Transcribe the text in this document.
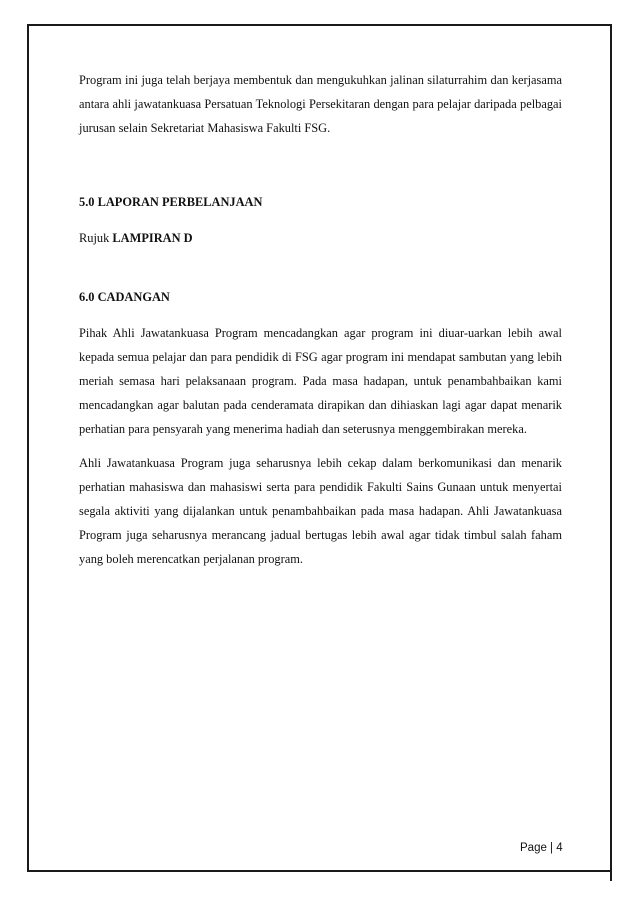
Program ini juga telah berjaya membentuk dan mengukuhkan jalinan silaturrahim dan kerjasama antara ahli jawatankuasa Persatuan Teknologi Persekitaran dengan para pelajar daripada pelbagai jurusan selain Sekretariat Mahasiswa Fakulti FSG.

5.0 LAPORAN PERBELANJAAN

Rujuk LAMPIRAN D

6.0 CADANGAN

Pihak Ahli Jawatankuasa Program mencadangkan agar program ini diuar-uarkan lebih awal kepada semua pelajar dan para pendidik di FSG agar program ini mendapat sambutan yang lebih meriah semasa hari pelaksanaan program. Pada masa hadapan, untuk penambahbaikan kami mencadangkan agar balutan pada cenderamata dirapikan dan dihiaskan lagi agar dapat menarik perhatian para pensyarah yang menerima hadiah dan seterusnya menggembirakan mereka.

Ahli Jawatankuasa Program juga seharusnya lebih cekap dalam berkomunikasi dan menarik perhatian mahasiswa dan mahasiswi serta para pendidik Fakulti Sains Gunaan untuk menyertai segala aktiviti yang dijalankan untuk penambahbaikan pada masa hadapan. Ahli Jawatankuasa Program juga seharusnya merancang jadual bertugas lebih awal agar tidak timbul salah faham yang boleh merencatkan perjalanan program.

Page | 4
